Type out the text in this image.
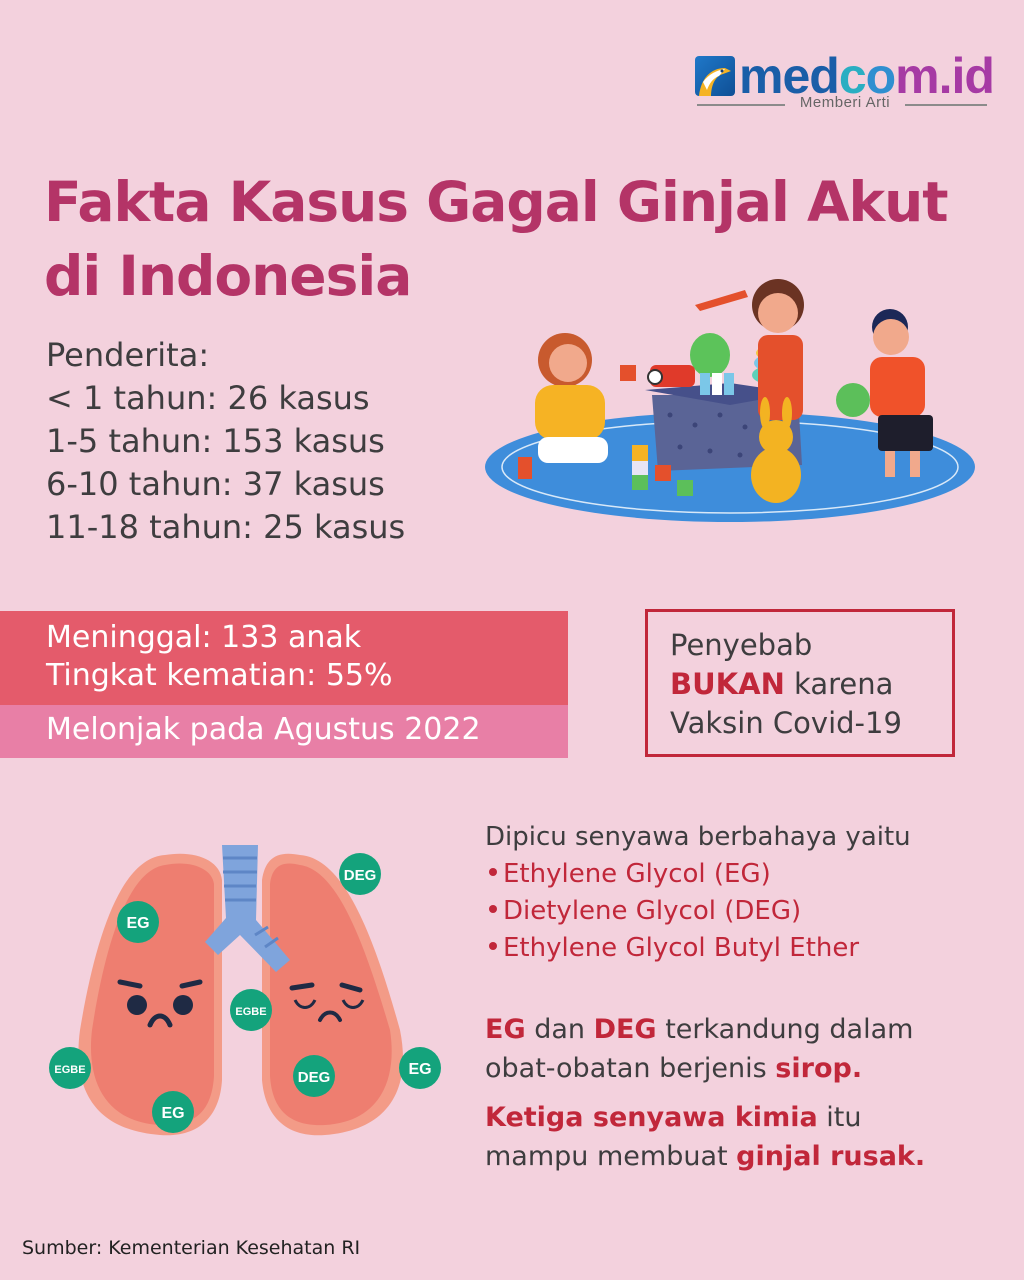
medcom.id
Memberi Arti
Fakta Kasus Gagal Ginjal Akut
di Indonesia
Penderita:
< 1 tahun: 26 kasus
1-5 tahun: 153 kasus
6-10 tahun: 37 kasus
11-18 tahun: 25 kasus
Meninggal: 133 anak
Tingkat kematian: 55%
Melonjak pada Agustus 2022
Penyebab
BUKAN karena
Vaksin Covid-19
EG
DEG
EGBE
EGBE
EG
DEG	EG
Dipicu senyawa berbahaya yaitu
Ethylene Glycol (EG)
Dietylene Glycol (DEG)
Ethylene Glycol Butyl Ether

EG dan DEG terkandung dalam
obat-obatan berjenis sirop.

Ketiga senyawa kimia itu
mampu membuat ginjal rusak.

Sumber: Kementerian Kesehatan RI
